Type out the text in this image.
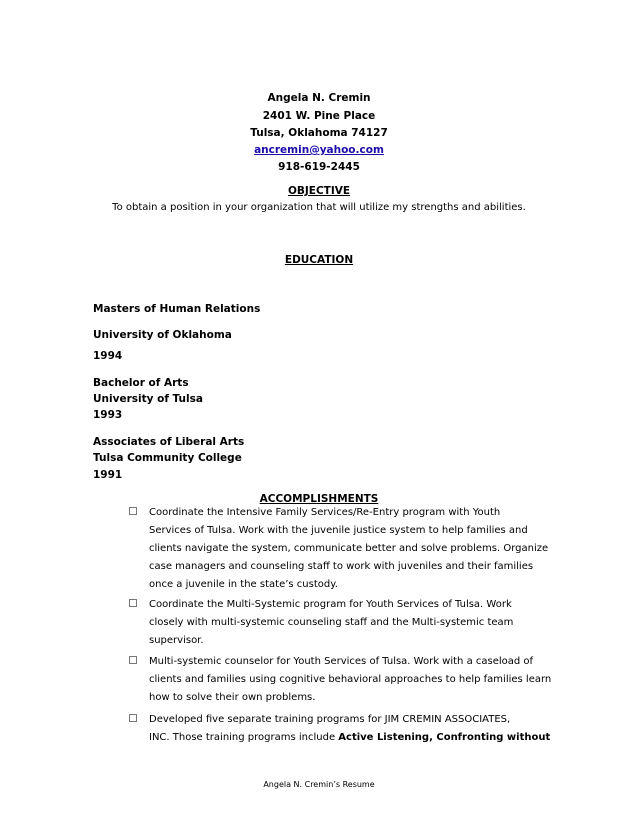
Angela N. Cremin
2401 W. Pine Place
Tulsa, Oklahoma 74127
ancremin@yahoo.com
918-619-2445
OBJECTIVE
To obtain a position in your organization that will utilize my strengths and abilities.
EDUCATION
Masters of Human Relations
University of Oklahoma
1994
Bachelor of Arts
University of Tulsa
1993
Associates of Liberal Arts
Tulsa Community College
1991
ACCOMPLISHMENTS
Coordinate the Intensive Family Services/Re-Entry program with Youth
Services of Tulsa. Work with the juvenile justice system to help families and
clients navigate the system, communicate better and solve problems. Organize
case managers and counseling staff to work with juveniles and their families
once a juvenile in the state’s custody.
Coordinate the Multi-Systemic program for Youth Services of Tulsa. Work
closely with multi-systemic counseling staff and the Multi-systemic team
supervisor.
Multi-systemic counselor for Youth Services of Tulsa. Work with a caseload of
clients and families using cognitive behavioral approaches to help families learn
how to solve their own problems.
Developed five separate training programs for JIM CREMIN ASSOCIATES,
INC. Those training programs include Active Listening, Confronting without
Angela N. Cremin’s Resume
